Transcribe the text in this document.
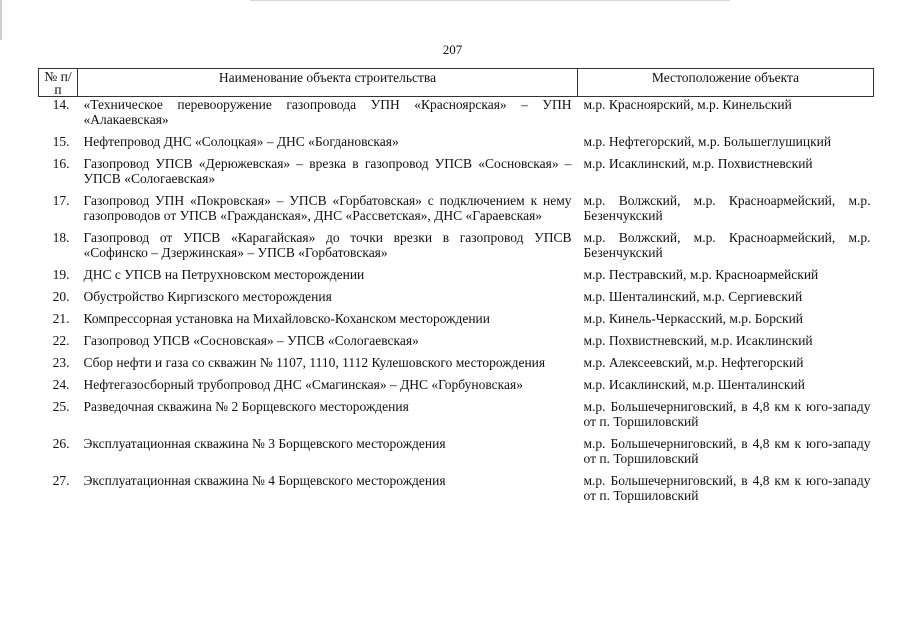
207
№ п/п	Наименование объекта строительства	Местоположение объекта
14.	«Техническое перевооружение газопровода УПН «Красноярская» – УПН «Алакаевская»	м.р. Красноярский, м.р. Кинельский
15.	Нефтепровод ДНС «Солоцкая» – ДНС «Богдановская»	м.р. Нефтегорский, м.р. Большеглушицкий
16.	Газопровод УПСВ «Дерюжевская» – врезка в газопровод УПСВ «Сосновская» – УПСВ «Сологаевская»	м.р. Исаклинский, м.р. Похвистневский
17.	Газопровод УПН «Покровская» – УПСВ «Горбатовская» с подключением к нему газопроводов от УПСВ «Гражданская», ДНС «Рассветская», ДНС «Гараевская»	м.р. Волжский, м.р. Красноармейский, м.р. Безенчукский
18.	Газопровод от УПСВ «Карагайская» до точки врезки в газопровод УПСВ «Софинско – Дзержинская» – УПСВ «Горбатовская»	м.р. Волжский, м.р. Красноармейский, м.р. Безенчукский
19.	ДНС с УПСВ на Петрухновском месторождении	м.р. Пестравский, м.р. Красноармейский
20.	Обустройство Киргизского месторождения	м.р. Шенталинский, м.р. Сергиевский
21.	Компрессорная установка на Михайловско-Коханском месторождении	м.р. Кинель-Черкасский, м.р. Борский
22.	Газопровод УПСВ «Сосновская» – УПСВ «Сологаевская»	м.р. Похвистневский, м.р. Исаклинский
23.	Сбор нефти и газа со скважин № 1107, 1110, 1112 Кулешовского месторождения	м.р. Алексеевский, м.р. Нефтегорский
24.	Нефтегазосборный трубопровод ДНС «Смагинская» – ДНС «Горбуновская»	м.р. Исаклинский, м.р. Шенталинский
25.	Разведочная скважина № 2 Борщевского месторождения	м.р. Большечерниговский, в 4,8 км к юго-западу от п. Торшиловский
26.	Эксплуатационная скважина № 3 Борщевского месторождения	м.р. Большечерниговский, в 4,8 км к юго-западу от п. Торшиловский
27.	Эксплуатационная скважина № 4 Борщевского месторождения	м.р. Большечерниговский, в 4,8 км к юго-западу от п. Торшиловский
